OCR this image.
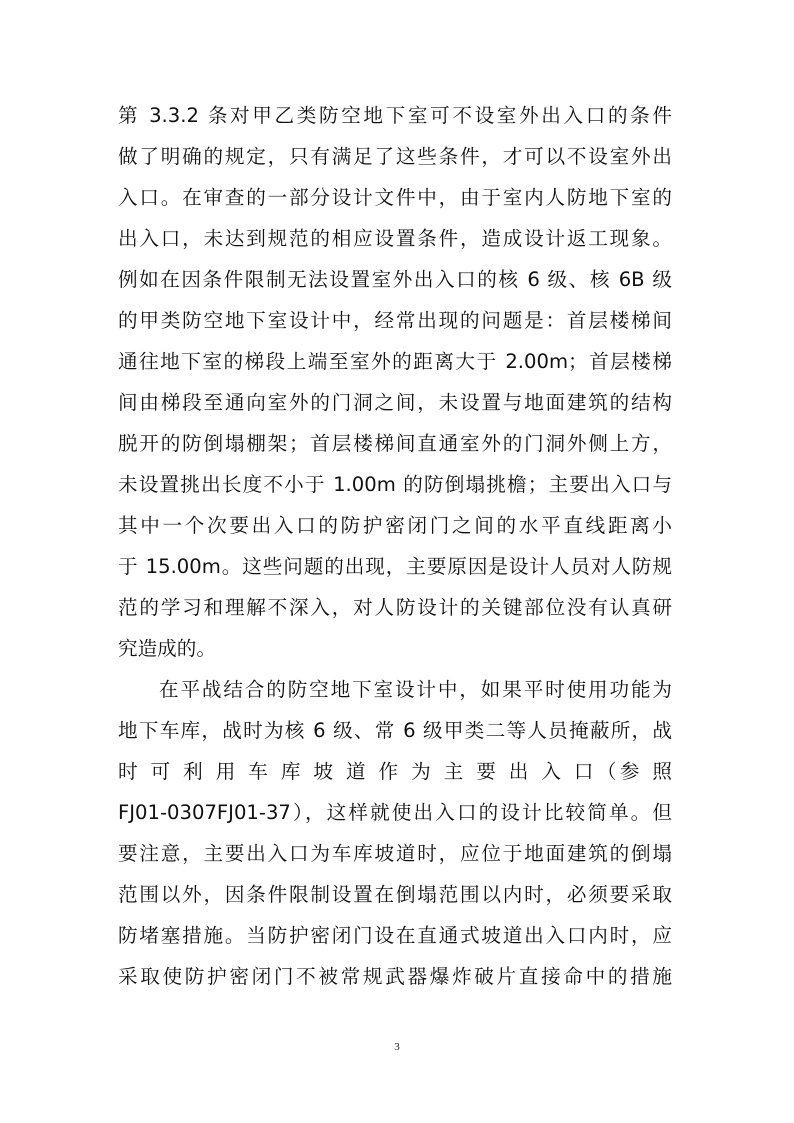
第 3.3.2 条对甲乙类防空地下室可不设室外出入口的条件
做了明确的规定，只有满足了这些条件，才可以不设室外出
入口。在审查的一部分设计文件中，由于室内人防地下室的
出入口，未达到规范的相应设置条件，造成设计返工现象。
例如在因条件限制无法设置室外出入口的核 6 级、核 6B 级
的甲类防空地下室设计中，经常出现的问题是：首层楼梯间
通往地下室的梯段上端至室外的距离大于 2.00m；首层楼梯
间由梯段至通向室外的门洞之间，未设置与地面建筑的结构
脱开的防倒塌棚架；首层楼梯间直通室外的门洞外侧上方，
未设置挑出长度不小于 1.00m 的防倒塌挑檐；主要出入口与
其中一个次要出入口的防护密闭门之间的水平直线距离小
于 15.00m。这些问题的出现，主要原因是设计人员对人防规
范的学习和理解不深入，对人防设计的关键部位没有认真研
究造成的。
在平战结合的防空地下室设计中，如果平时使用功能为
地下车库，战时为核 6 级、常 6 级甲类二等人员掩蔽所，战
时 可 利 用 车 库 坡 道 作 为 主 要 出 入 口（参 照
FJ01-0307FJ01-37），这样就使出入口的设计比较简单。但
要注意，主要出入口为车库坡道时，应位于地面建筑的倒塌
范围以外，因条件限制设置在倒塌范围以内时，必须要采取
防堵塞措施。当防护密闭门设在直通式坡道出入口内时，应
采取使防护密闭门不被常规武器爆炸破片直接命中的措施
3
